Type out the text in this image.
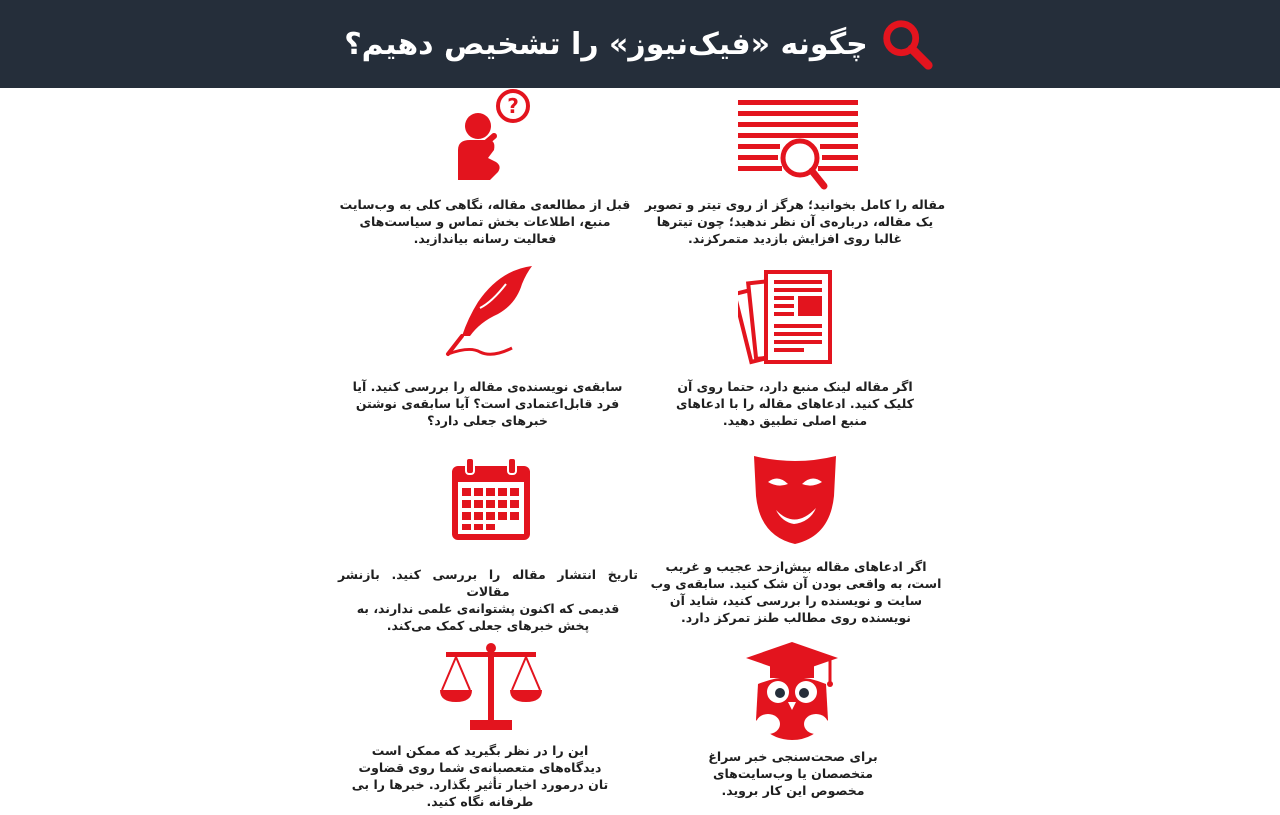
چگونه «فیک‌نیوز» را تشخیص دهیم؟
مقاله را کامل بخوانید؛ هرگز از روی تیتر و تصویر
یک مقاله، درباره‌ی آن نظر ندهید؛ چون تیترها
غالبا روی افزایش بازدید متمرکزند.
?
قبل از مطالعه‌ی مقاله، نگاهی کلی به وب‌سایت
منبع، اطلاعات بخش تماس و سیاست‌های
فعالیت رسانه بیاندازید.
اگر مقاله لینک منبع دارد، حتما روی آن
کلیک کنید. ادعاهای مقاله را با ادعاهای
منبع اصلی تطبیق دهید.
سابقه‌ی نویسنده‌ی مقاله را بررسی کنید. آیا
فرد قابل‌اعتمادی است؟ آیا سابقه‌ی نوشتن
خبرهای جعلی دارد؟
اگر ادعاهای مقاله بیش‌ازحد عجیب و غریب
است، به واقعی بودن آن شک کنید. سابقه‌ی وب
سایت و نویسنده را بررسی کنید، شاید آن
نویسنده روی مطالب طنز تمرکز دارد.
تاریخ انتشار مقاله را بررسی کنید. بازنشر مقالات
قدیمی که اکنون پشتوانه‌ی علمی ندارند، به
پخش خبرهای جعلی کمک می‌کند.
برای صحت‌سنجی خبر سراغ
متخصصان یا وب‌سایت‌های
مخصوص این کار بروید.
این را در نظر بگیرید که ممکن است
دیدگاه‌های متعصبانه‌ی شما روی قضاوت
تان درمورد اخبار تأثیر بگذارد. خبرها را بی
طرفانه نگاه کنید.
